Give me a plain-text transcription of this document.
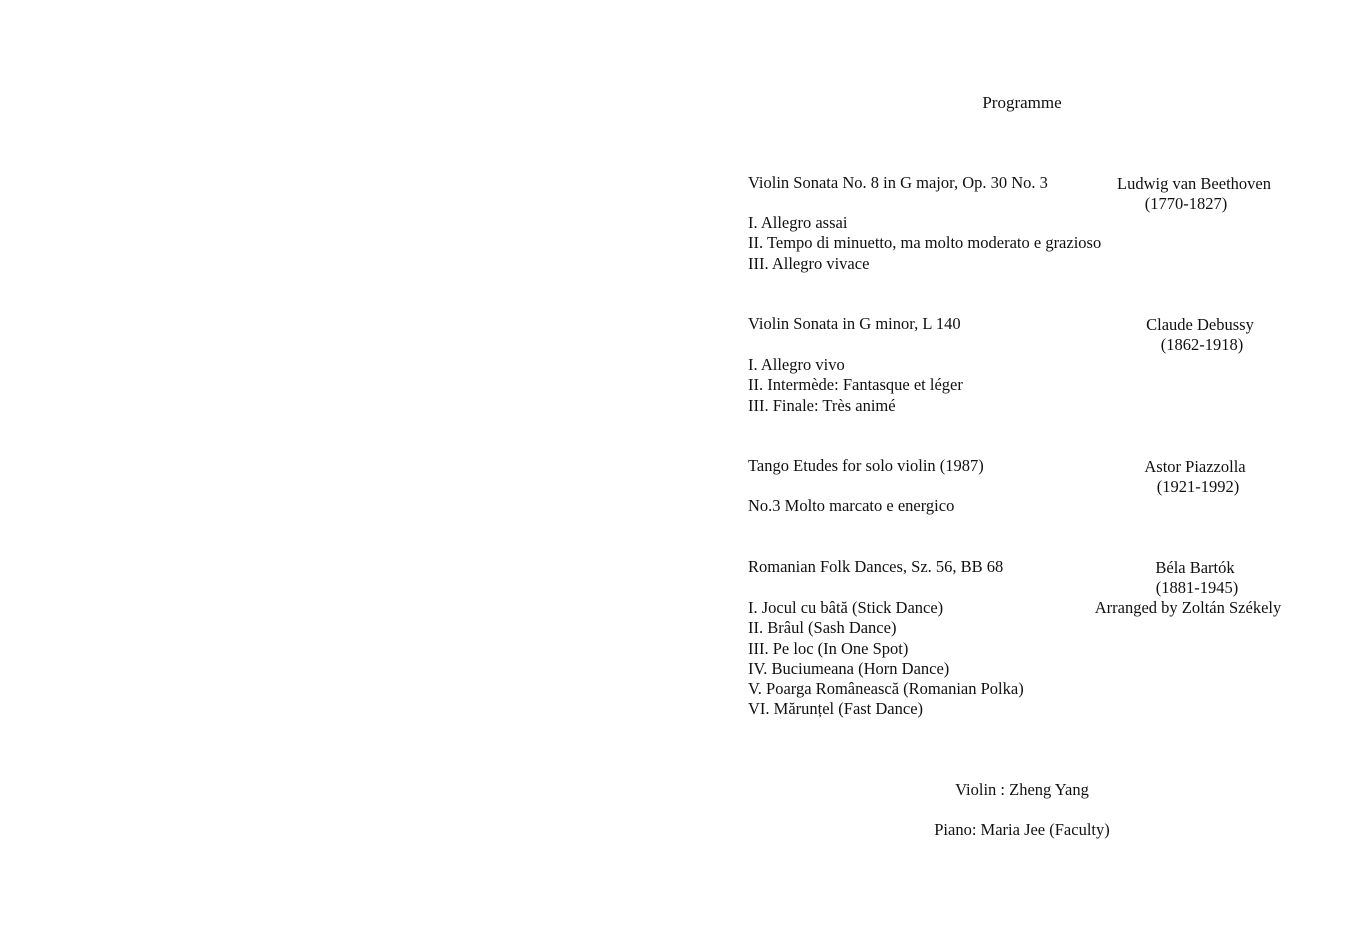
Programme
Violin Sonata No. 8 in G major, Op. 30 No. 3	Ludwig van Beethoven
(1770-1827)
I. Allegro assai
II. Tempo di minuetto, ma molto moderato e grazioso
III. Allegro vivace
Violin Sonata in G minor, L 140	Claude Debussy
(1862-1918)
I. Allegro vivo
II. Intermède: Fantasque et léger
III. Finale: Très animé
Tango Etudes for solo violin (1987)	Astor Piazzolla
(1921-1992)
No.3 Molto marcato e energico
Romanian Folk Dances, Sz. 56, BB 68	Béla Bartók
(1881-1945)
Arranged by Zoltán Székely
I. Jocul cu bâtă (Stick Dance)
II. Brâul (Sash Dance)
III. Pe loc (In One Spot)
IV. Buciumeana (Horn Dance)
V. Poarga Românească (Romanian Polka)
VI. Mărunțel (Fast Dance)
Violin : Zheng Yang
Piano: Maria Jee (Faculty)
